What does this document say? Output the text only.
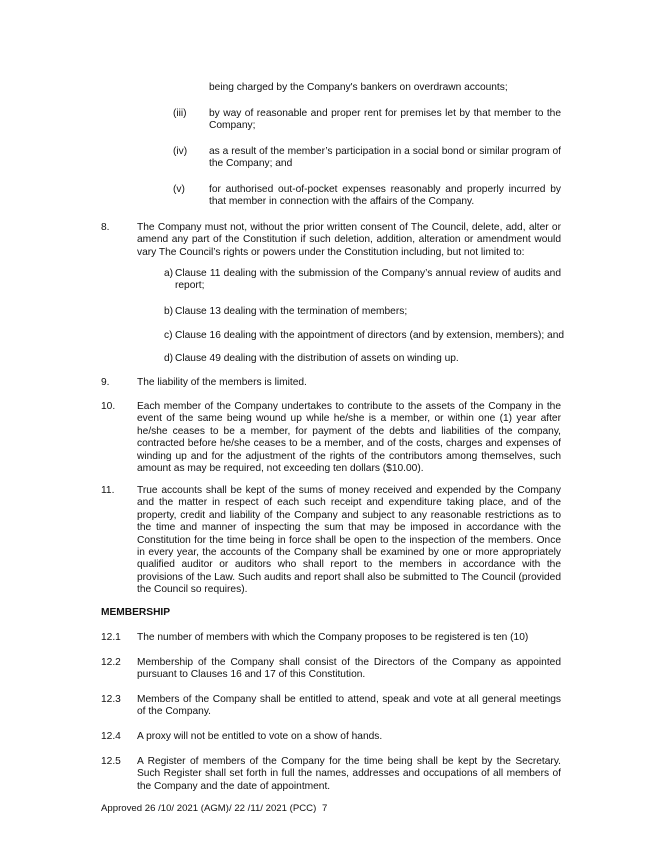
being charged by the Company's bankers on overdrawn accounts;

(iii) by way of reasonable and proper rent for premises let by that member to the Company;

(iv) as a result of the member’s participation in a social bond or similar program of the Company; and

(v) for authorised out-of-pocket expenses reasonably and properly incurred by that member in connection with the affairs of the Company.

8.	The Company must not, without the prior written consent of The Council, delete, add, alter or amend any part of the Constitution if such deletion, addition, alteration or amendment would vary The Council’s rights or powers under the Constitution including, but not limited to:

a) Clause 11 dealing with the submission of the Company’s annual review of audits and report;

b) Clause 13 dealing with the termination of members;

c) Clause 16 dealing with the appointment of directors (and by extension, members); and

d) Clause 49 dealing with the distribution of assets on winding up.

9.	The liability of the members is limited.

10. Each member of the Company undertakes to contribute to the assets of the Company in the event of the same being wound up while he/she is a member, or within one (1) year after he/she ceases to be a member, for payment of the debts and liabilities of the company, contracted before he/she ceases to be a member, and of the costs, charges and expenses of winding up and for the adjustment of the rights of the contributors among themselves, such amount as may be required, not exceeding ten dollars ($10.00).

11. True accounts shall be kept of the sums of money received and expended by the Company and the matter in respect of each such receipt and expenditure taking place, and of the property, credit and liability of the Company and subject to any reasonable restrictions as to the time and manner of inspecting the sum that may be imposed in accordance with the Constitution for the time being in force shall be open to the inspection of the members. Once in every year, the accounts of the Company shall be examined by one or more appropriately qualified auditor or auditors who shall report to the members in accordance with the provisions of the Law. Such audits and report shall also be submitted to The Council (provided the Council so requires).

MEMBERSHIP

12.1 The number of members with which the Company proposes to be registered is ten (10)

12.2 Membership of the Company shall consist of the Directors of the Company as appointed pursuant to Clauses 16 and 17 of this Constitution.

12.3 Members of the Company shall be entitled to attend, speak and vote at all general meetings of the Company.

12.4 A proxy will not be entitled to vote on a show of hands.

12.5 A Register of members of the Company for the time being shall be kept by the Secretary. Such Register shall set forth in full the names, addresses and occupations of all members of the Company and the date of appointment.

Approved 26 /10/ 2021 (AGM)/ 22 /11/ 2021 (PCC) 7
